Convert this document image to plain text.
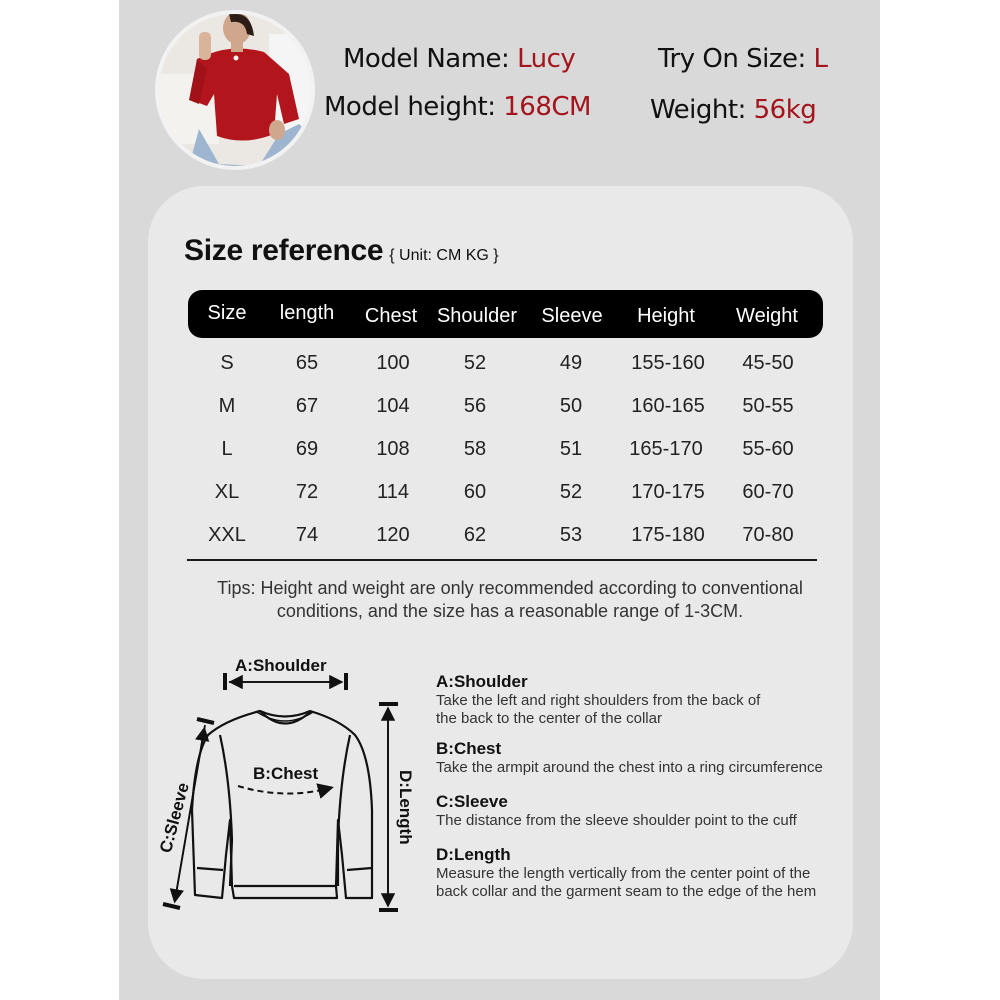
Model Name: Lucy
Model height: 168CM
Try On Size: L
Weight: 56kg
Size reference { Unit: CM KG }
Size length Chest Shoulder Sleeve Height Weight
S	65	100	52	49 155-160 45-50
M	67	104	56	50 160-165 50-55
L	69	108	58	51 165-170 55-60
XL	72	114	60	52 170-175 60-70
XXL 74	120	62	53 175-180 70-80
Tips: Height and weight are only recommended according to conventional conditions, and the size has a reasonable range of 1-3CM.
A:Shoulder
B:Chest
C:Sleeve	D:Length
A:Shoulder
Take the left and right shoulders from the back of
the back to the center of the collar
B:Chest
Take the armpit around the chest into a ring circumference
C:Sleeve
The distance from the sleeve shoulder point to the cuff
D:Length
Measure the length vertically from the center point of the
back collar and the garment seam to the edge of the hem
